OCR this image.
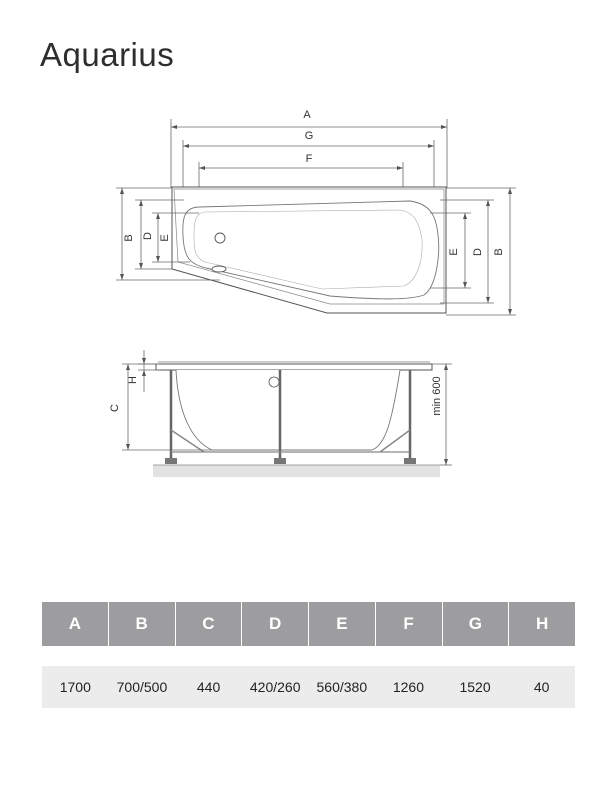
Aquarius
A
G
F
B D E
E D B
H
C	min 600
A	B	C	D	E	F	G	H
1700	700/500	440	420/260	560/380	1260	1520	40
